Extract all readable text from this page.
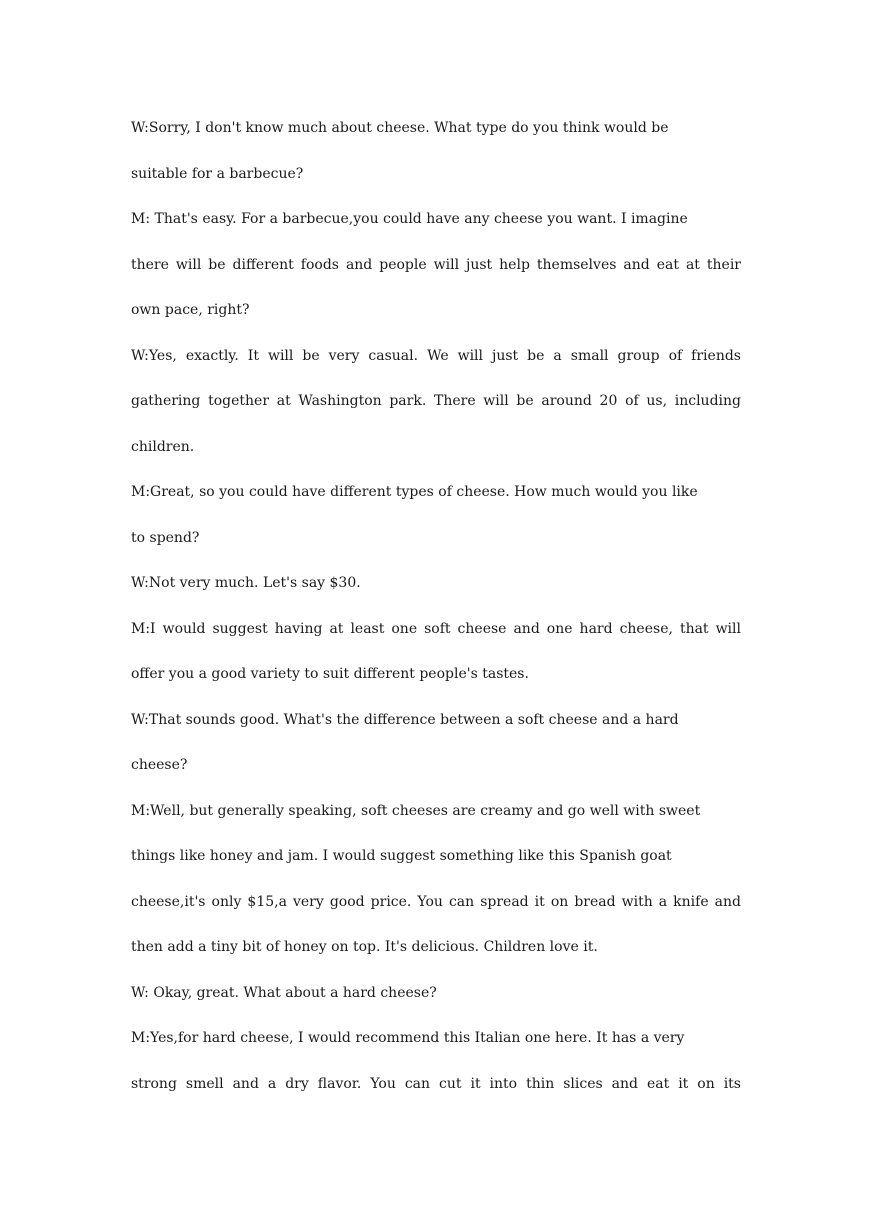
W:Sorry, I don't know much about cheese. What type do you think would be
suitable for a barbecue?
M: That's easy. For a barbecue,you could have any cheese you want. I imagine
there will be different foods and people will just help themselves and eat at their
own pace, right?
W:Yes, exactly. It will be very casual. We will just be a small group of friends
gathering together at Washington park. There will be around 20 of us, including
children.
M:Great, so you could have different types of cheese. How much would you like
to spend?
W:Not very much. Let's say $30.
M:I would suggest having at least one soft cheese and one hard cheese, that will
offer you a good variety to suit different people's tastes.
W:That sounds good. What's the difference between a soft cheese and a hard
cheese?
M:Well, but generally speaking, soft cheeses are creamy and go well with sweet
things like honey and jam. I would suggest something like this Spanish goat
cheese,it's only $15,a very good price. You can spread it on bread with a knife and
then add a tiny bit of honey on top. It's delicious. Children love it.
W: Okay, great. What about a hard cheese?
M:Yes,for hard cheese, I would recommend this Italian one here. It has a very
strong smell and a dry flavor. You can cut it into thin slices and eat it on its
